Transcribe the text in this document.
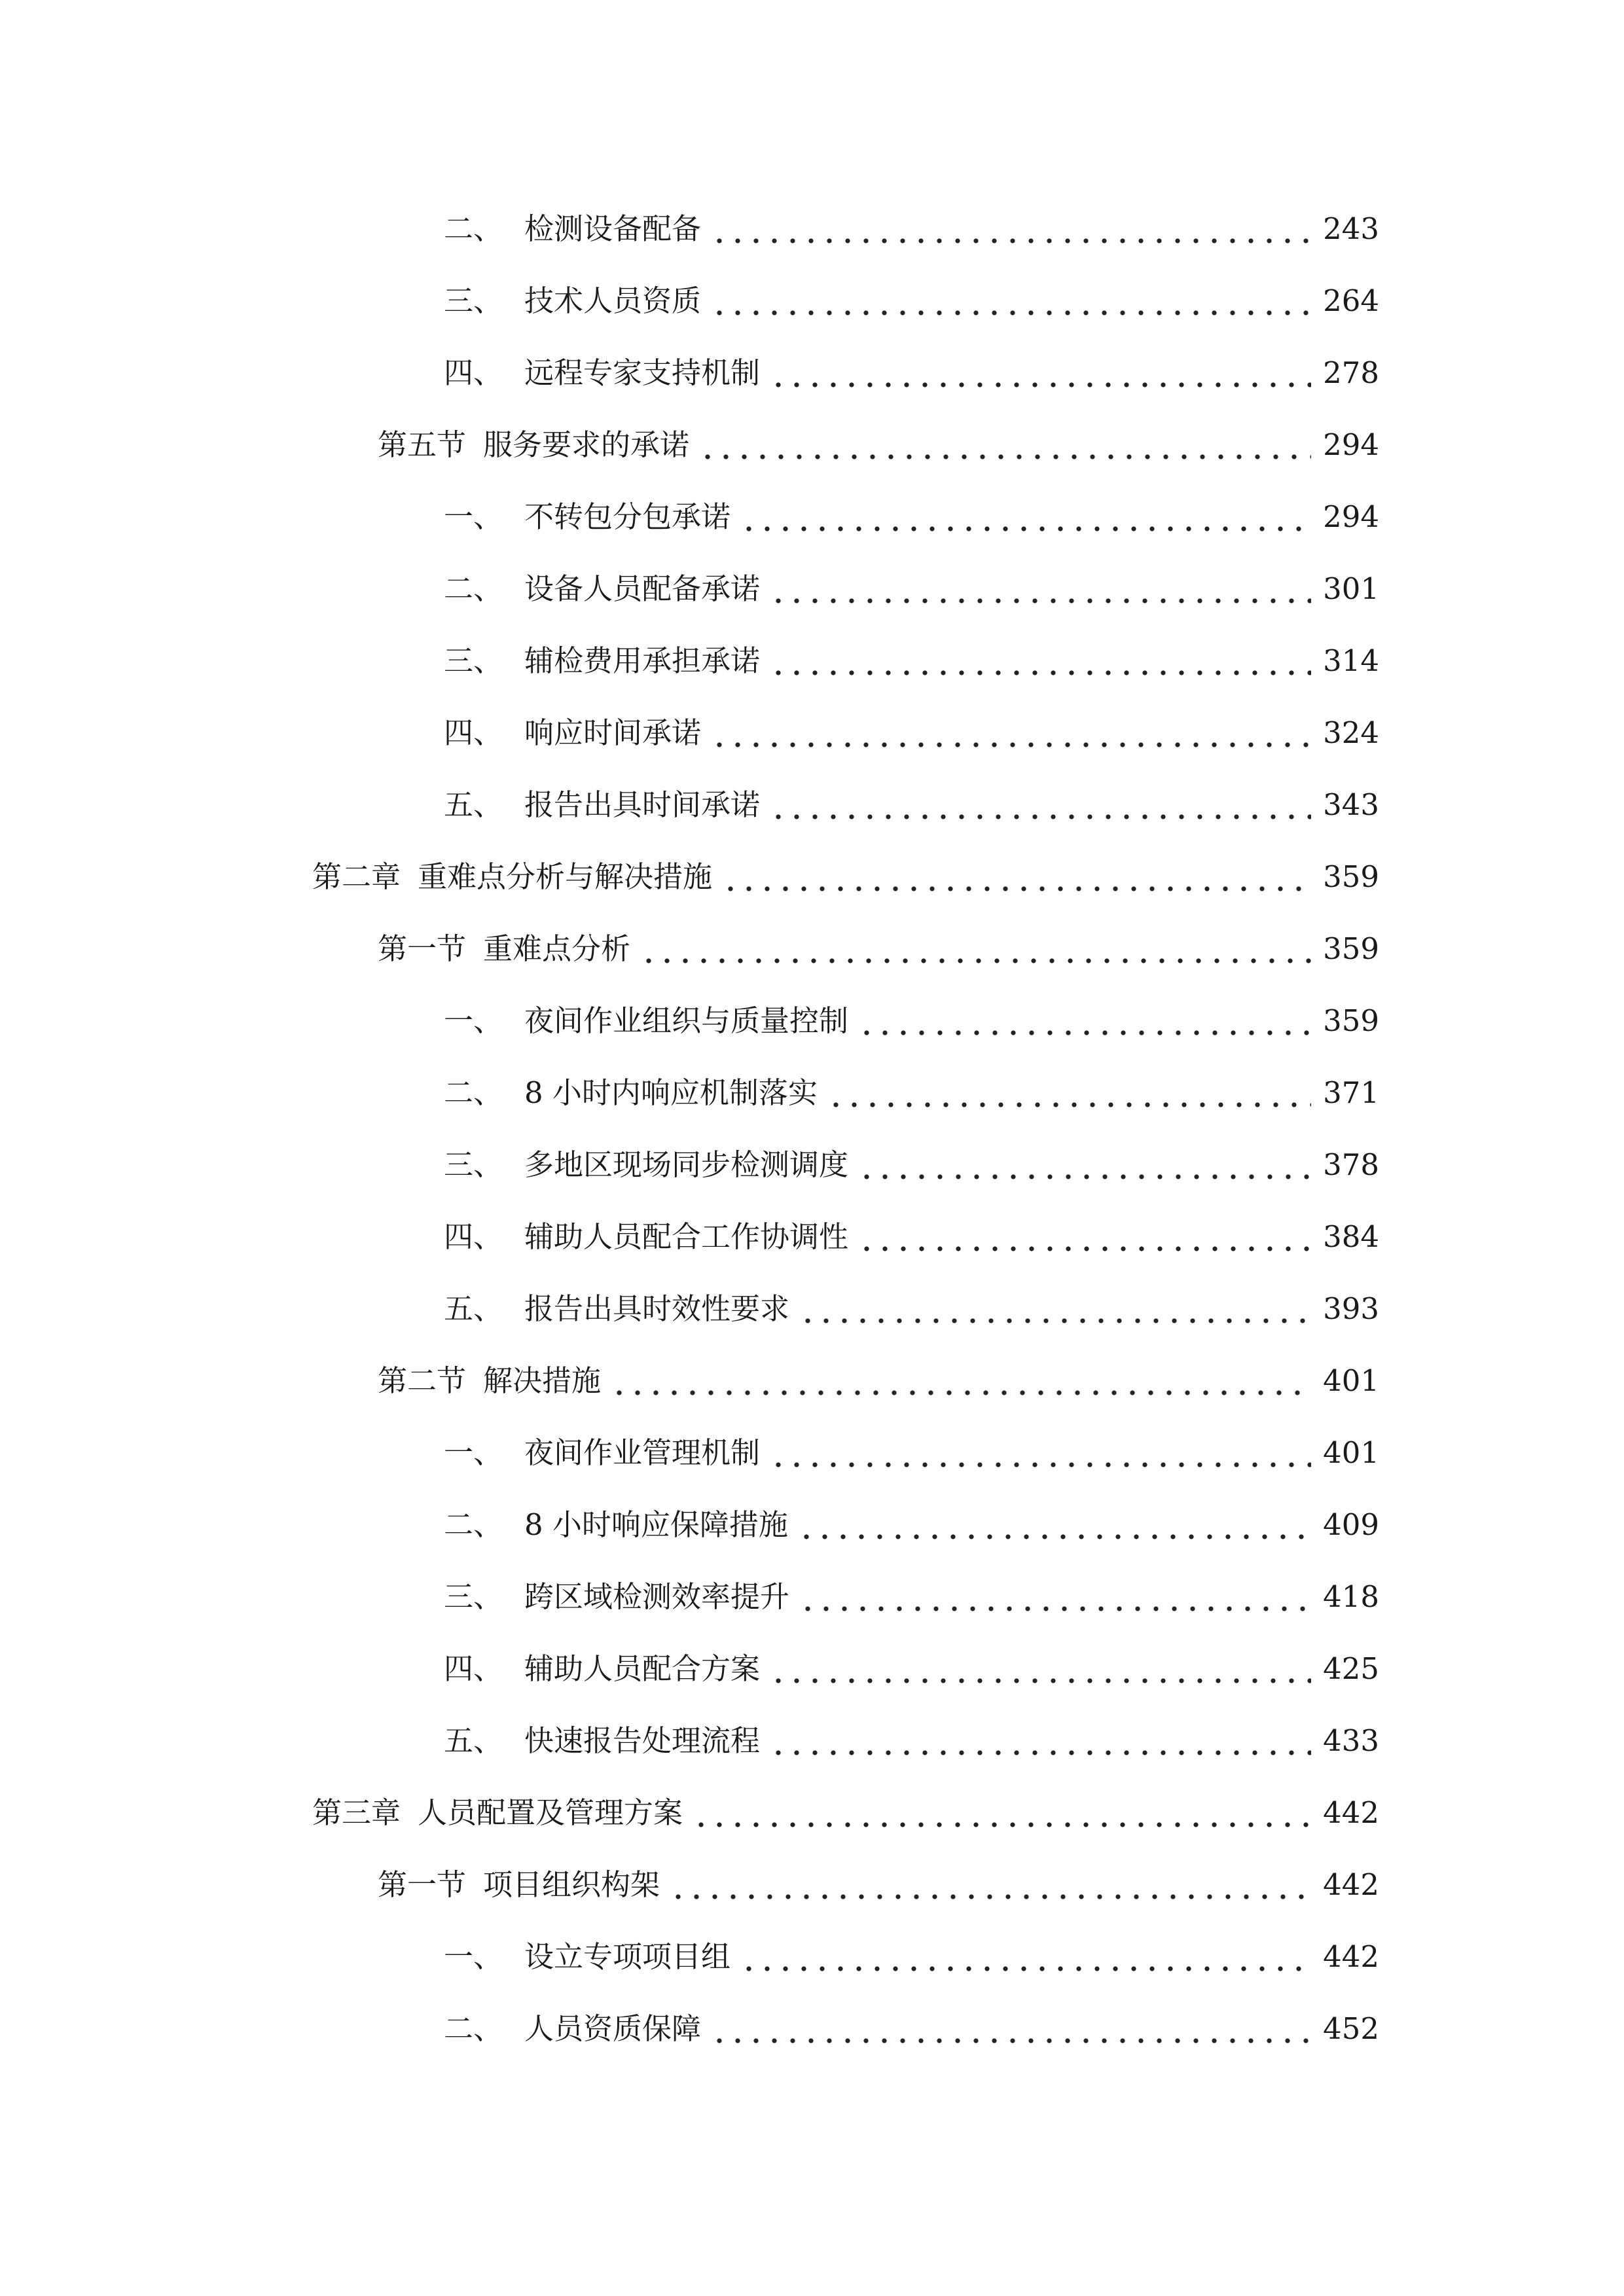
二、 检测设备配备	243
三、 技术人员资质	264
四、 远程专家支持机制	278
第五节 服务要求的承诺	294
一、 不转包分包承诺	294
二、 设备人员配备承诺	301
三、 辅检费用承担承诺	314
四、 响应时间承诺	324
五、 报告出具时间承诺	343
第二章 重难点分析与解决措施	359
第一节 重难点分析	359
一、 夜间作业组织与质量控制	359
二、 8 小时内响应机制落实	371
三、 多地区现场同步检测调度	378
四、 辅助人员配合工作协调性	384
五、 报告出具时效性要求	393
第二节 解决措施	401
一、 夜间作业管理机制	401
二、 8 小时响应保障措施	409
三、 跨区域检测效率提升	418
四、 辅助人员配合方案	425
五、 快速报告处理流程	433
第三章 人员配置及管理方案	442
第一节 项目组织构架	442
一、 设立专项项目组	442
二、 人员资质保障	452
